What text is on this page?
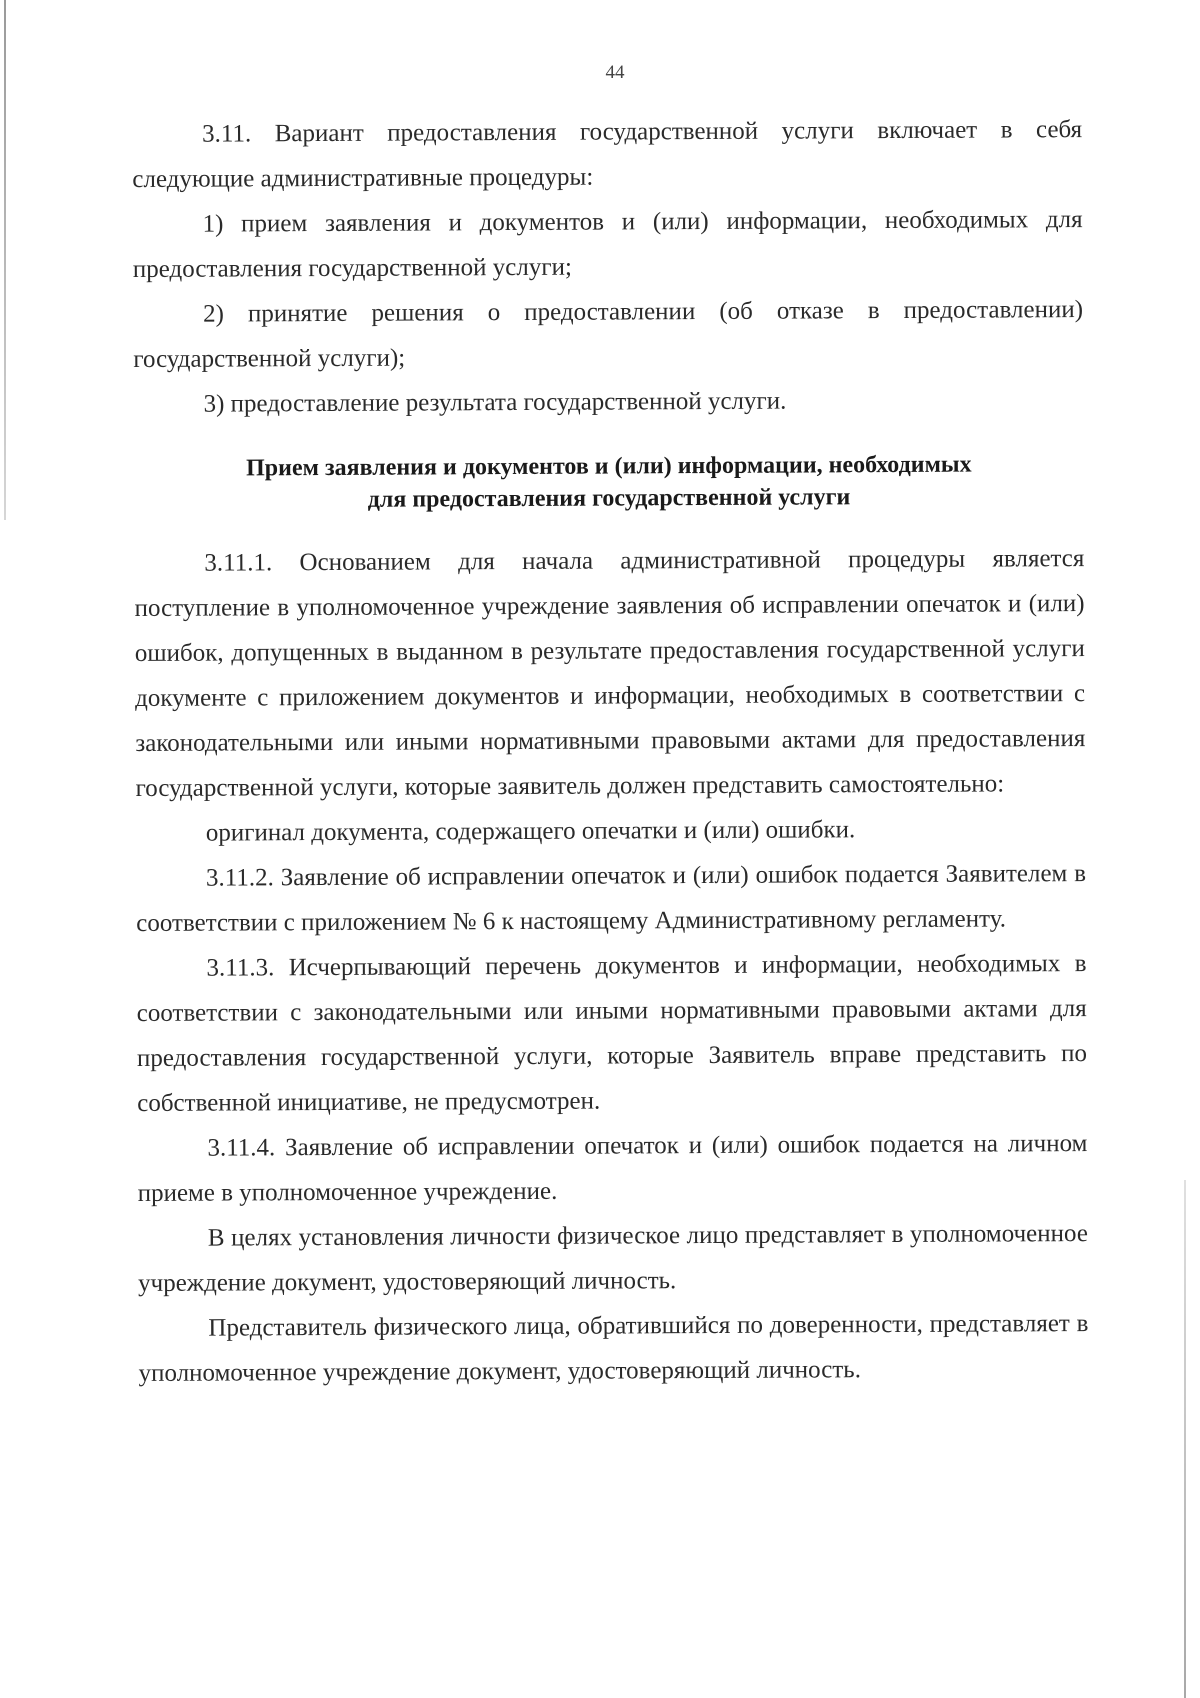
44

3.11. Вариант предоставления государственной услуги включает в себя следующие административные процедуры:

1) прием заявления и документов и (или) информации, необходимых для предоставления государственной услуги;

2) принятие решения о предоставлении (об отказе в предоставлении) государственной услуги);

3) предоставление результата государственной услуги.

Прием заявления и документов и (или) информации, необходимых
для предоставления государственной услуги

3.11.1. Основанием для начала административной процедуры является поступление в уполномоченное учреждение заявления об исправлении опечаток и (или) ошибок, допущенных в выданном в результате предоставления государственной услуги документе с приложением документов и информации, необходимых в соответствии с законодательными или иными нормативными правовыми актами для предоставления государственной услуги, которые заявитель должен представить самостоятельно:

оригинал документа, содержащего опечатки и (или) ошибки.

3.11.2. Заявление об исправлении опечаток и (или) ошибок подается Заявителем в соответствии с приложением № 6 к настоящему Административному регламенту.

3.11.3. Исчерпывающий перечень документов и информации, необходимых в соответствии с законодательными или иными нормативными правовыми актами для предоставления государственной услуги, которые Заявитель вправе представить по собственной инициативе, не предусмотрен.

3.11.4. Заявление об исправлении опечаток и (или) ошибок подается на личном приеме в уполномоченное учреждение.

В целях установления личности физическое лицо представляет в уполномоченное учреждение документ, удостоверяющий личность.

Представитель физического лица, обратившийся по доверенности, представляет в уполномоченное учреждение документ, удостоверяющий личность.
